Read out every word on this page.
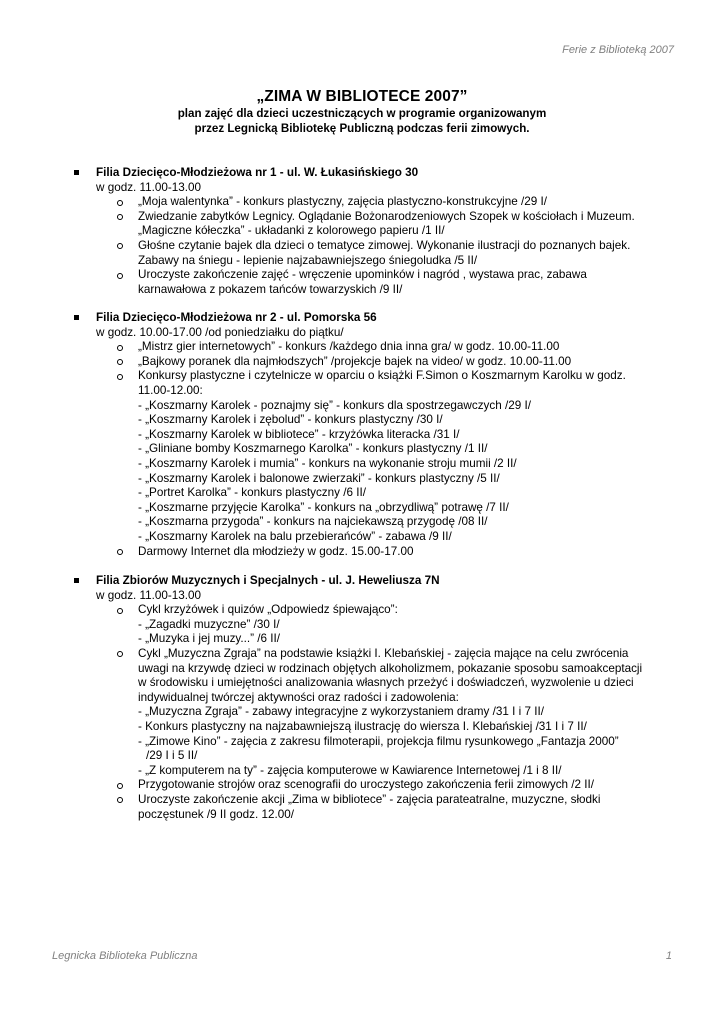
Ferie z Biblioteką 2007
„ZIMA W BIBLIOTECE 2007”
plan zajęć dla dzieci uczestniczących w programie organizowanym
przez Legnicką Bibliotekę Publiczną podczas ferii zimowych.
Filia Dziecięco-Młodzieżowa nr 1 - ul. W. Łukasińskiego 30
w godz. 11.00-13.00
„Moja walentynka” - konkurs plastyczny, zajęcia plastyczno-konstrukcyjne /29 I/
Zwiedzanie zabytków Legnicy. Oglądanie Bożonarodzeniowych Szopek w kościołach i Muzeum.
„Magiczne kółeczka” - układanki z kolorowego papieru /1 II/
Głośne czytanie bajek dla dzieci o tematyce zimowej. Wykonanie ilustracji do poznanych bajek.
Zabawy na śniegu - lepienie najzabawniejszego śniegoludka /5 II/
Uroczyste zakończenie zajęć - wręczenie upominków i nagród , wystawa prac, zabawa
karnawałowa z pokazem tańców towarzyskich /9 II/
Filia Dziecięco-Młodzieżowa nr 2 - ul. Pomorska 56
w godz. 10.00-17.00 /od poniedziałku do piątku/
„Mistrz gier internetowych” - konkurs /każdego dnia inna gra/ w godz. 10.00-11.00
„Bajkowy poranek dla najmłodszych” /projekcje bajek na video/ w godz. 10.00-11.00
Konkursy plastyczne i czytelnicze w oparciu o książki F.Simon o Koszmarnym Karolku w godz.
11.00-12.00:
- „Koszmarny Karolek - poznajmy się” - konkurs dla spostrzegawczych /29 I/
- „Koszmarny Karolek i zębolud” - konkurs plastyczny /30 I/
- „Koszmarny Karolek w bibliotece” - krzyżówka literacka /31 I/
- „Gliniane bomby Koszmarnego Karolka” - konkurs plastyczny /1 II/
- „Koszmarny Karolek i mumia” - konkurs na wykonanie stroju mumii /2 II/
- „Koszmarny Karolek i balonowe zwierzaki” - konkurs plastyczny /5 II/
- „Portret Karolka” - konkurs plastyczny /6 II/
- „Koszmarne przyjęcie Karolka” - konkurs na „obrzydliwą” potrawę /7 II/
- „Koszmarna przygoda” - konkurs na najciekawszą przygodę /08 II/
- „Koszmarny Karolek na balu przebierańców” - zabawa /9 II/
Darmowy Internet dla młodzieży w godz. 15.00-17.00
Filia Zbiorów Muzycznych i Specjalnych - ul. J. Heweliusza 7N
w godz. 11.00-13.00
Cykl krzyżówek i quizów „Odpowiedz śpiewająco”:
- „Zagadki muzyczne” /30 I/
- „Muzyka i jej muzy...” /6 II/
Cykl „Muzyczna Zgraja” na podstawie książki I. Klebańskiej - zajęcia mające na celu zwrócenia
uwagi na krzywdę dzieci w rodzinach objętych alkoholizmem, pokazanie sposobu samoakceptacji
w środowisku i umiejętności analizowania własnych przeżyć i doświadczeń, wyzwolenie u dzieci
indywidualnej twórczej aktywności oraz radości i zadowolenia:
- „Muzyczna Zgraja” - zabawy integracyjne z wykorzystaniem dramy /31 I i 7 II/
- Konkurs plastyczny na najzabawniejszą ilustrację do wiersza I. Klebańskiej /31 I i 7 II/
- „Zimowe Kino” - zajęcia z zakresu filmoterapii, projekcja filmu rysunkowego „Fantazja 2000”
/29 I i 5 II/
- „Z komputerem na ty” - zajęcia komputerowe w Kawiarence Internetowej /1 i 8 II/
Przygotowanie strojów oraz scenografii do uroczystego zakończenia ferii zimowych /2 II/
Uroczyste zakończenie akcji „Zima w bibliotece” - zajęcia parateatralne, muzyczne, słodki
poczęstunek /9 II godz. 12.00/
Legnicka Biblioteka Publiczna	1
